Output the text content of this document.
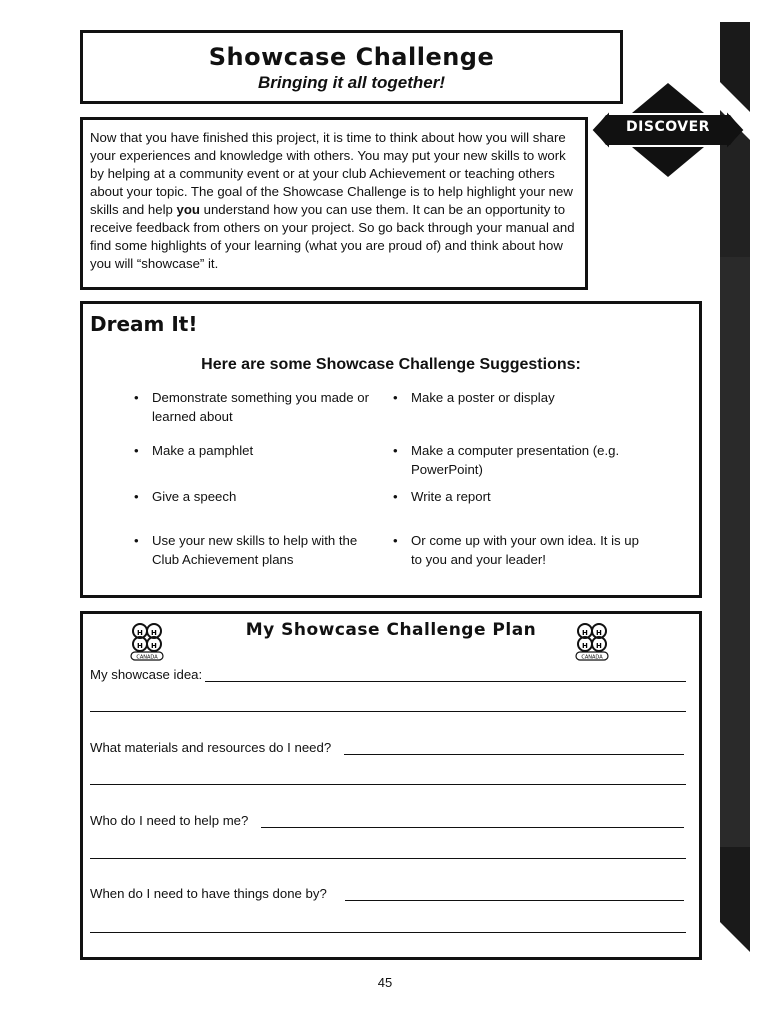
DISCOVER
Showcase Challenge
Bringing it all together!
Now that you have finished this project, it is time to think about how you will share your experiences and knowledge with others. You may put your new skills to work by helping at a community event or at your club Achievement or teaching others about your topic. The goal of the Showcase Challenge is to help highlight your new skills and help you understand how you can use them. It can be an opportunity to receive feedback from others on your project. So go back through your manual and find some highlights of your learning (what you are proud of) and think about how you will “showcase” it.
Dream It!
Here are some Showcase Challenge Suggestions:
• Demonstrate something you made or learned about
• Make a pamphlet
• Give a speech
• Use your new skills to help with the Club Achievement plans
• Make a poster or display
• Make a computer presentation (e.g. PowerPoint)
• Write a report
• Or come up with your own idea. It is up to you and your leader!
H H
H H
CANADA
My Showcase Challenge Plan	H H
H H
CANADA
My showcase idea:
What materials and resources do I need?
Who do I need to help me?
When do I need to have things done by?
45
